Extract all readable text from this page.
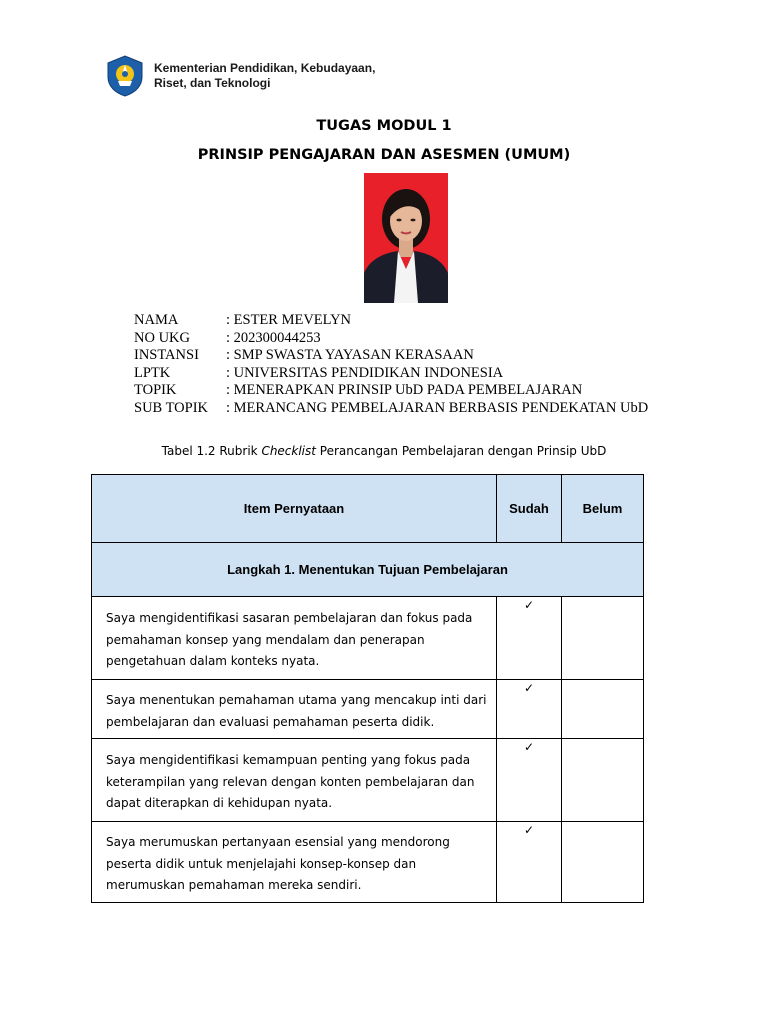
Kementerian Pendidikan, Kebudayaan,
Riset, dan Teknologi
TUGAS MODUL 1
PRINSIP PENGAJARAN DAN ASESMEN (UMUM)
NAMA	: ESTER MEVELYN
NO UKG	: 202300044253
INSTANSI	: SMP SWASTA YAYASAN KERASAAN
LPTK	: UNIVERSITAS PENDIDIKAN INDONESIA
TOPIK	: MENERAPKAN PRINSIP UbD PADA PEMBELAJARAN
SUB TOPIK	: MERANCANG PEMBELAJARAN BERBASIS PENDEKATAN UbD
Tabel 1.2 Rubrik Checklist Perancangan Pembelajaran dengan Prinsip UbD
Item Pernyataan	Sudah	Belum
Langkah 1. Menentukan Tujuan Pembelajaran		
Saya mengidentifikasi sasaran pembelajaran dan fokus pada pemahaman konsep yang mendalam dan penerapan pengetahuan dalam konteks nyata.	✓	
Saya menentukan pemahaman utama yang mencakup inti dari pembelajaran dan evaluasi pemahaman peserta didik.	✓	
Saya mengidentifikasi kemampuan penting yang fokus pada keterampilan yang relevan dengan konten pembelajaran dan dapat diterapkan di kehidupan nyata.	✓	
Saya merumuskan pertanyaan esensial yang mendorong peserta didik untuk menjelajahi konsep-konsep dan merumuskan pemahaman mereka sendiri.	✓	
